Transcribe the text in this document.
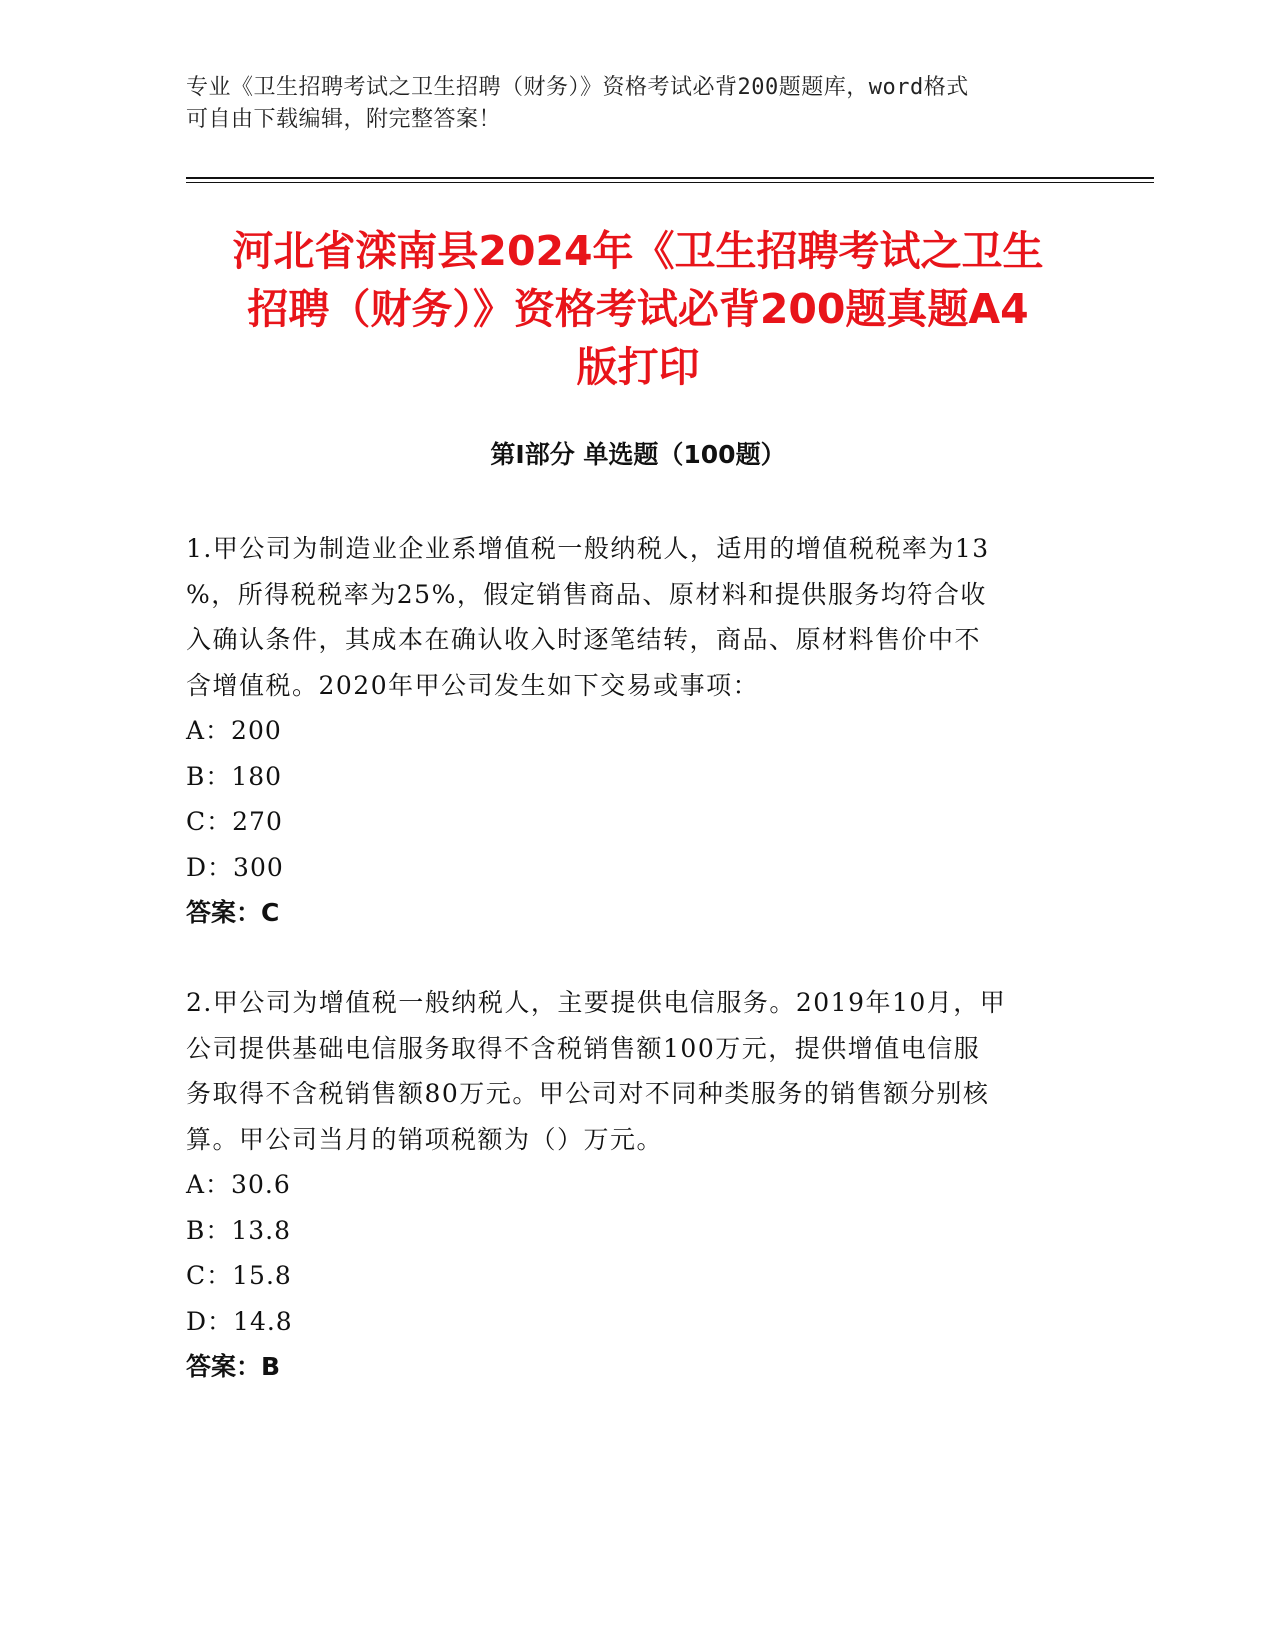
专业《卫生招聘考试之卫生招聘（财务）》资格考试必背200题题库，word格式
可自由下载编辑，附完整答案！
河北省滦南县2024年《卫生招聘考试之卫生
招聘（财务）》资格考试必背200题真题A4
版打印
第Ⅰ部分 单选题（100题）
1.甲公司为制造业企业系增值税一般纳税人，适用的增值税税率为13
%，所得税税率为25%，假定销售商品、原材料和提供服务均符合收
入确认条件，其成本在确认收入时逐笔结转，商品、原材料售价中不
含增值税。2020年甲公司发生如下交易或事项：
A：200
B：180
C：270
D：300
答案：C
2.甲公司为增值税一般纳税人，主要提供电信服务。2019年10月，甲
公司提供基础电信服务取得不含税销售额100万元，提供增值电信服
务取得不含税销售额80万元。甲公司对不同种类服务的销售额分别核
算。甲公司当月的销项税额为（）万元。
A：30.6
B：13.8
C：15.8
D：14.8
答案：B
